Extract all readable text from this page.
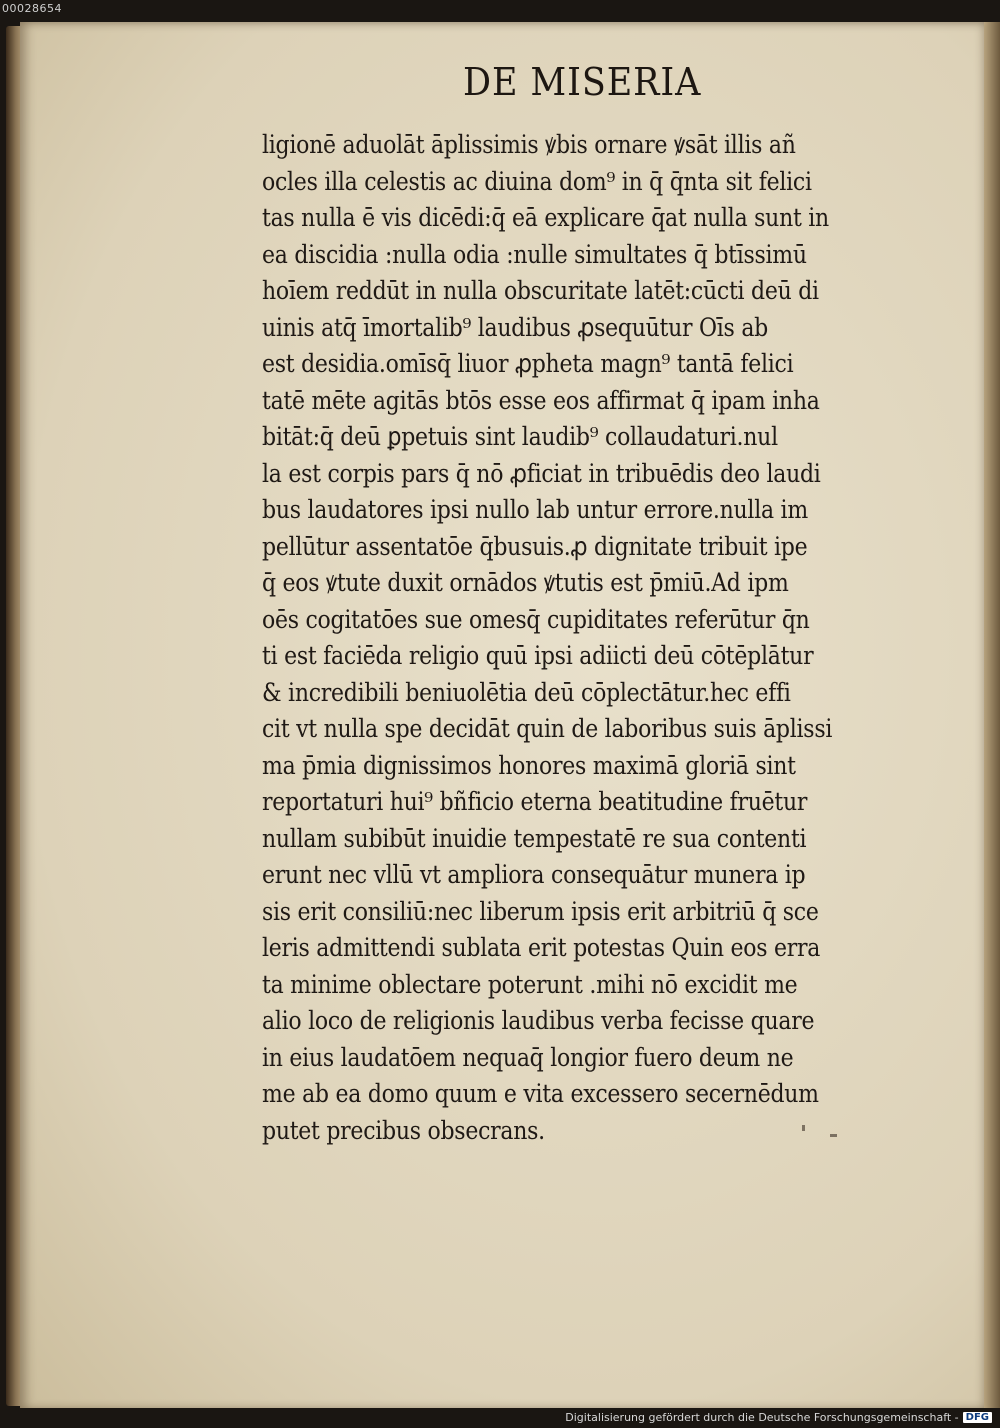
00028654
DE MISERIA
ligionē aduolāt āplissimis ꝟbis ornare ꝟsāt illis añ
ocles illa celestis ac diuina dom⁹ in q̄ q̄nta sit felici
tas nulla ē vis dicēdi:q̄ eā explicare q̄at nulla sunt in
ea discidia :nulla odia :nulle simultates q̄ btīssimū
hoīem reddūt in nulla obscuritate latēt:cūcti deū di
uinis atq̄ īmortalib⁹ laudibus ꝓsequūtur Oīs ab
est desidia.omīsq̄ liuor ꝓpheta magn⁹ tantā felici
tatē mēte agitās btōs esse eos affirmat q̄ ipam inha
bitāt:q̄ deū ꝑpetuis sint laudib⁹ collaudaturi.nul
la est corpis pars q̄ nō ꝓficiat in tribuēdis deo laudi
bus laudatores ipsi nullo lab untur errore.nulla im
pellūtur assentatōe q̄busuis.ꝓ dignitate tribuit ipe
q̄ eos ꝟtute duxit ornādos ꝟtutis est p̄miū.Ad ipm
oēs cogitatōes sue omesq̄ cupiditates referūtur q̄n
ti est faciēda religio quū ipsi adiicti deū cōtēplātur
& incredibili beniuolētia deū cōplectātur.hec effi
cit vt nulla spe decidāt quin de laboribus suis āplissi
ma p̄mia dignissimos honores maximā gloriā sint
reportaturi hui⁹ bñficio eterna beatitudine fruētur
nullam subibūt inuidie tempestatē re sua contenti
erunt nec vllū vt ampliora consequātur munera ip
sis erit consiliū:nec liberum ipsis erit arbitriū q̄ sce
leris admittendi sublata erit potestas Quin eos erra
ta minime oblectare poterunt .mihi nō excidit me
alio loco de religionis laudibus verba fecisse quare
in eius laudatōem nequaq̄ longior fuero deum ne
me ab ea domo quum e vita excessero secernēdum
putet precibus obsecrans.
Digitalisierung gefördert durch die Deutsche Forschungsgemeinschaft - DFG
